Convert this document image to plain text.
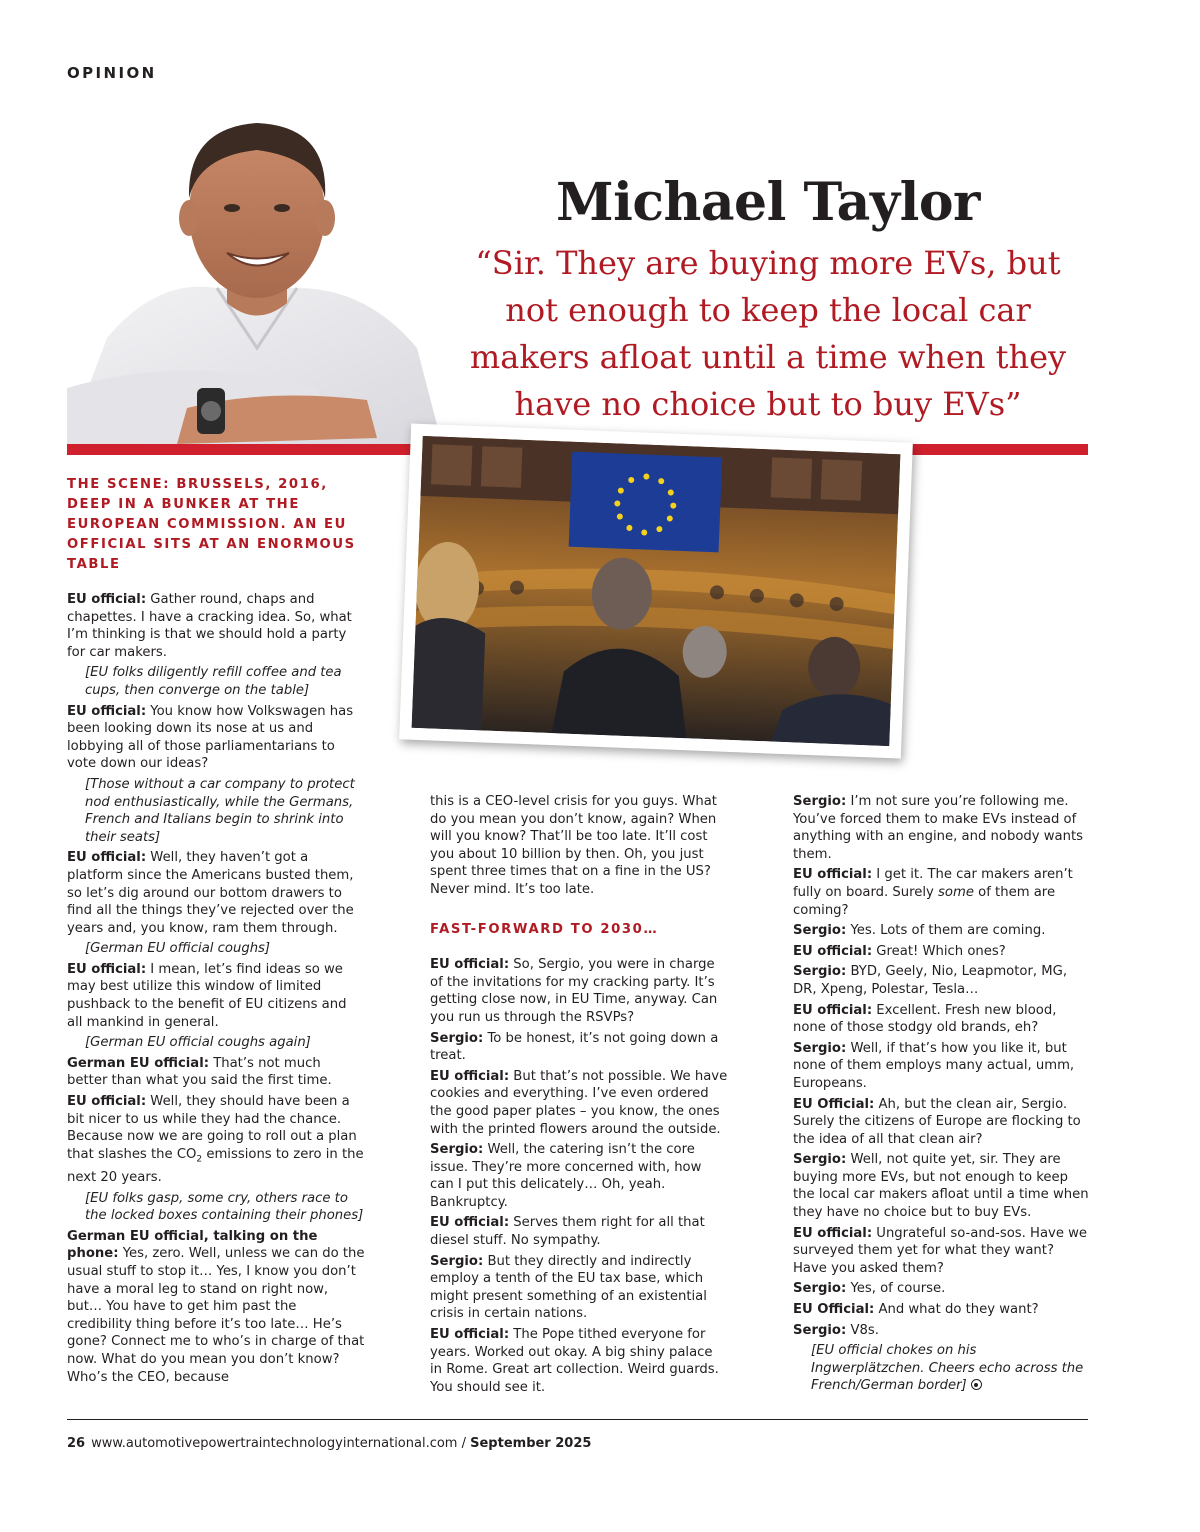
OPINION
Michael Taylor
“Sir. They are buying more EVs, but not enough to keep the local car makers afloat until a time when they have no choice but to buy EVs”

THE SCENE: BRUSSELS, 2016, DEEP IN A BUNKER AT THE EUROPEAN COMMISSION. AN EU OFFICIAL SITS AT AN ENORMOUS TABLE

EU official: Gather round, chaps and chapettes. I have a cracking idea. So, what I’m thinking is that we should hold a party for car makers.

[EU folks diligently refill coffee and tea cups, then converge on the table]

EU official: You know how Volkswagen has been looking down its nose at us and lobbying all of those parliamentarians to vote down our ideas?

[Those without a car company to protect nod enthusiastically, while the Germans, French and Italians begin to shrink into their seats]

EU official: Well, they haven’t got a platform since the Americans busted them, so let’s dig around our bottom drawers to find all the things they’ve rejected over the years and, you know, ram them through.

[German EU official coughs]

EU official: I mean, let’s find ideas so we may best utilize this window of limited pushback to the benefit of EU citizens and all mankind in general.

[German EU official coughs again]

German EU official: That’s not much better than what you said the first time.

EU official: Well, they should have been a bit nicer to us while they had the chance. Because now we are going to roll out a plan that slashes the $CO_2$ emissions to zero in the next 20 years.

[EU folks gasp, some cry, others race to the locked boxes containing their phones]

German EU official, talking on the phone: Yes, zero. Well, unless we can do the usual stuff to stop it… Yes, I know you don’t have a moral leg to stand on right now, but… You have to get him past the credibility thing before it’s too late… He’s gone? Connect me to who’s in charge of that now. What do you mean you don’t know? Who’s the CEO, because

this is a CEO-level crisis for you guys. What do you mean you don’t know, again? When will you know? That’ll be too late. It’ll cost you about 10 billion by then. Oh, you just spent three times that on a fine in the US? Never mind. It’s too late.

FAST-FORWARD TO 2030…

EU official: So, Sergio, you were in charge of the invitations for my cracking party. It’s getting close now, in EU Time, anyway. Can you run us through the RSVPs?

Sergio: To be honest, it’s not going down a treat.

EU official: But that’s not possible. We have cookies and everything. I’ve even ordered the good paper plates – you know, the ones with the printed flowers around the outside.

Sergio: Well, the catering isn’t the core issue. They’re more concerned with, how can I put this delicately… Oh, yeah. Bankruptcy.

EU official: Serves them right for all that diesel stuff. No sympathy.

Sergio: But they directly and indirectly employ a tenth of the EU tax base, which might present something of an existential crisis in certain nations.

EU official: The Pope tithed everyone for years. Worked out okay. A big shiny palace in Rome. Great art collection. Weird guards. You should see it.

Sergio: I’m not sure you’re following me. You’ve forced them to make EVs instead of anything with an engine, and nobody wants them.

EU official: I get it. The car makers aren’t fully on board. Surely some of them are coming?

Sergio: Yes. Lots of them are coming.

EU official: Great! Which ones?

Sergio: BYD, Geely, Nio, Leapmotor, MG, DR, Xpeng, Polestar, Tesla…

EU official: Excellent. Fresh new blood, none of those stodgy old brands, eh?

Sergio: Well, if that’s how you like it, but none of them employs many actual, umm, Europeans.

EU Official: Ah, but the clean air, Sergio. Surely the citizens of Europe are flocking to the idea of all that clean air?

Sergio: Well, not quite yet, sir. They are buying more EVs, but not enough to keep the local car makers afloat until a time when they have no choice but to buy EVs.

EU official: Ungrateful so-and-sos. Have we surveyed them yet for what they want? Have you asked them?

Sergio: Yes, of course.

EU Official: And what do they want?

Sergio: V8s.

[EU official chokes on his Ingwerplätzchen. Cheers echo across the French/German border]

26 www.automotivepowertraintechnologyinternational.com / September 2025
